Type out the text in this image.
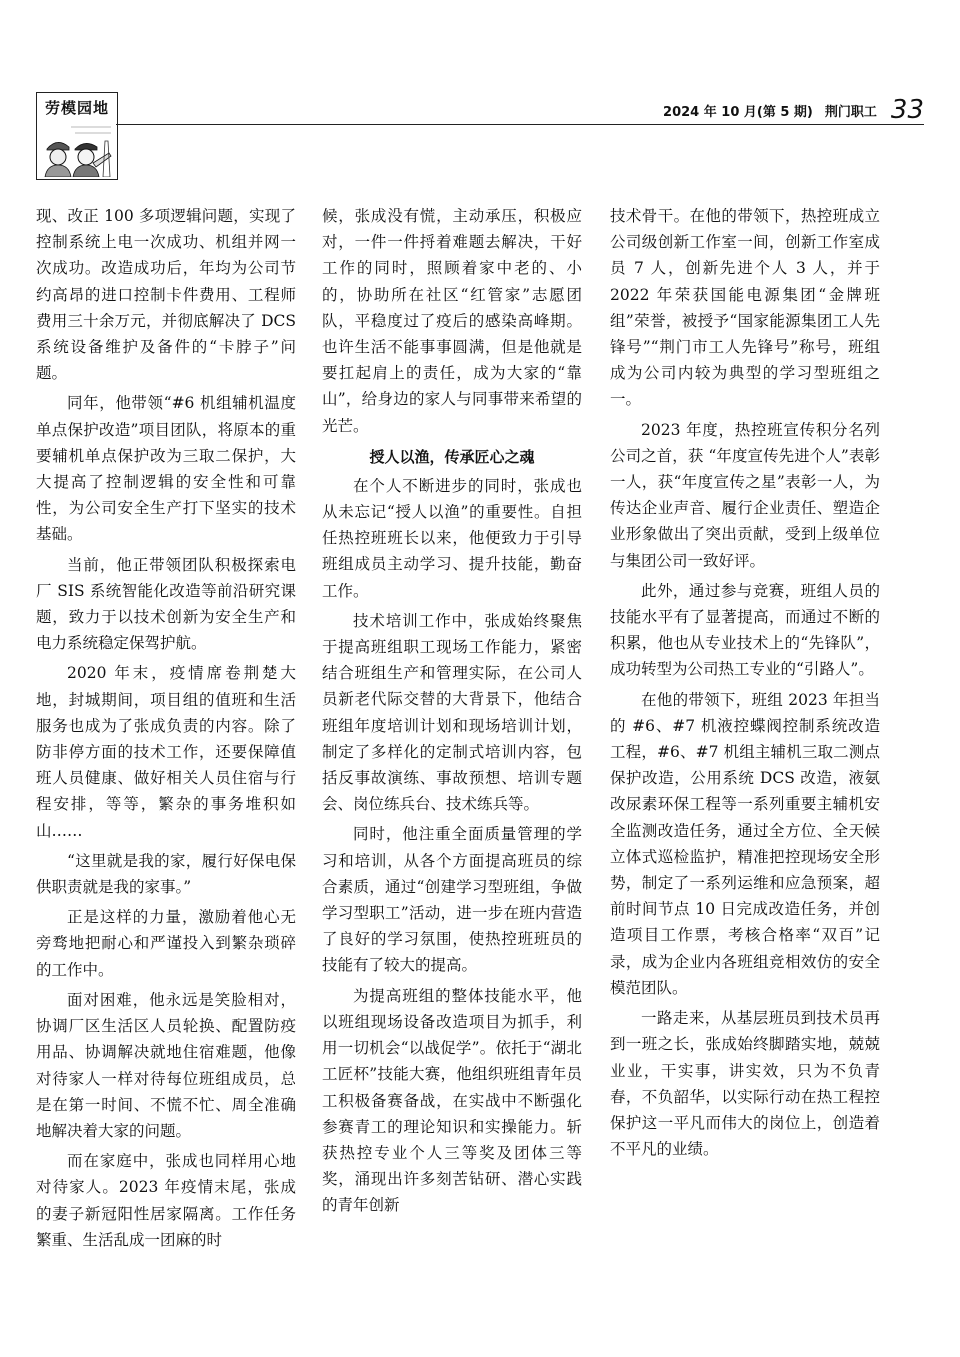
劳模园地	2024 年 10 月(第 5 期) 荆门职工 33

现、改正 100 多项逻辑问题，实现了控制系统上电一次成功、机组并网一次成功。改造成功后，年均为公司节约高昂的进口控制卡件费用、工程师费用三十余万元，并彻底解决了 DCS 系统设备维护及备件的“卡脖子”问题。

同年，他带领“#6 机组辅机温度单点保护改造”项目团队，将原本的重要辅机单点保护改为三取二保护，大大提高了控制逻辑的安全性和可靠性，为公司安全生产打下坚实的技术基础。

当前，他正带领团队积极探索电厂 SIS 系统智能化改造等前沿研究课题，致力于以技术创新为安全生产和电力系统稳定保驾护航。

2020 年末，疫情席卷荆楚大地，封城期间，项目组的值班和生活服务也成为了张成负责的内容。除了防非停方面的技术工作，还要保障值班人员健康、做好相关人员住宿与行程安排，等等，繁杂的事务堆积如山……

“这里就是我的家，履行好保电保供职责就是我的家事。”

正是这样的力量，激励着他心无旁骛地把耐心和严谨投入到繁杂琐碎的工作中。

面对困难，他永远是笑脸相对，协调厂区生活区人员轮换、配置防疫用品、协调解决就地住宿难题，他像对待家人一样对待每位班组成员，总是在第一时间、不慌不忙、周全准确地解决着大家的问题。

而在家庭中，张成也同样用心地对待家人。2023 年疫情末尾，张成的妻子新冠阳性居家隔离。工作任务繁重、生活乱成一团麻的时

候，张成没有慌，主动承压，积极应对，一件一件捋着难题去解决，干好工作的同时，照顾着家中老的、小的，协助所在社区“红管家”志愿团队，平稳度过了疫后的感染高峰期。也许生活不能事事圆满，但是他就是要扛起肩上的责任，成为大家的“靠山”，给身边的家人与同事带来希望的光芒。

授人以渔，传承匠心之魂

在个人不断进步的同时，张成也从未忘记“授人以渔”的重要性。自担任热控班班长以来，他便致力于引导班组成员主动学习、提升技能，勤奋工作。

技术培训工作中，张成始终聚焦于提高班组职工现场工作能力，紧密结合班组生产和管理实际，在公司人员新老代际交替的大背景下，他结合班组年度培训计划和现场培训计划，制定了多样化的定制式培训内容，包括反事故演练、事故预想、培训专题会、岗位练兵台、技术练兵等。

同时，他注重全面质量管理的学习和培训，从各个方面提高班员的综合素质，通过“创建学习型班组，争做学习型职工”活动，进一步在班内营造了良好的学习氛围，使热控班班员的技能有了较大的提高。

为提高班组的整体技能水平，他以班组现场设备改造项目为抓手，利用一切机会“以战促学”。依托于“湖北工匠杯”技能大赛，他组织班组青年员工积极备赛备战，在实战中不断强化参赛青工的理论知识和实操能力。斩获热控专业个人三等奖及团体三等奖，涌现出许多刻苦钻研、潜心实践的青年创新

技术骨干。在他的带领下，热控班成立公司级创新工作室一间，创新工作室成员 7 人，创新先进个人 3 人，并于 2022 年荣获国能电源集团“金牌班组”荣誉，被授予“国家能源集团工人先锋号”“荆门市工人先锋号”称号，班组成为公司内较为典型的学习型班组之一。

2023 年度，热控班宣传积分名列公司之首，获 “年度宣传先进个人”表彰一人，获“年度宣传之星”表彰一人，为传达企业声音、履行企业责任、塑造企业形象做出了突出贡献，受到上级单位与集团公司一致好评。

此外，通过参与竞赛，班组人员的技能水平有了显著提高，而通过不断的积累，他也从专业技术上的“先锋队”，成功转型为公司热工专业的“引路人”。

在他的带领下，班组 2023 年担当的 #6、#7 机液控蝶阀控制系统改造工程，#6、#7 机组主辅机三取二测点保护改造，公用系统 DCS 改造，液氨改尿素环保工程等一系列重要主辅机安全监测改造任务，通过全方位、全天候立体式巡检监护，精准把控现场安全形势，制定了一系列运维和应急预案，超前时间节点 10 日完成改造任务，并创造项目工作票，考核合格率“双百”记录，成为企业内各班组竞相效仿的安全模范团队。

一路走来，从基层班员到技术员再到一班之长，张成始终脚踏实地，兢兢业业，干实事，讲实效，只为不负青春，不负韶华，以实际行动在热工程控保护这一平凡而伟大的岗位上，创造着不平凡的业绩。
